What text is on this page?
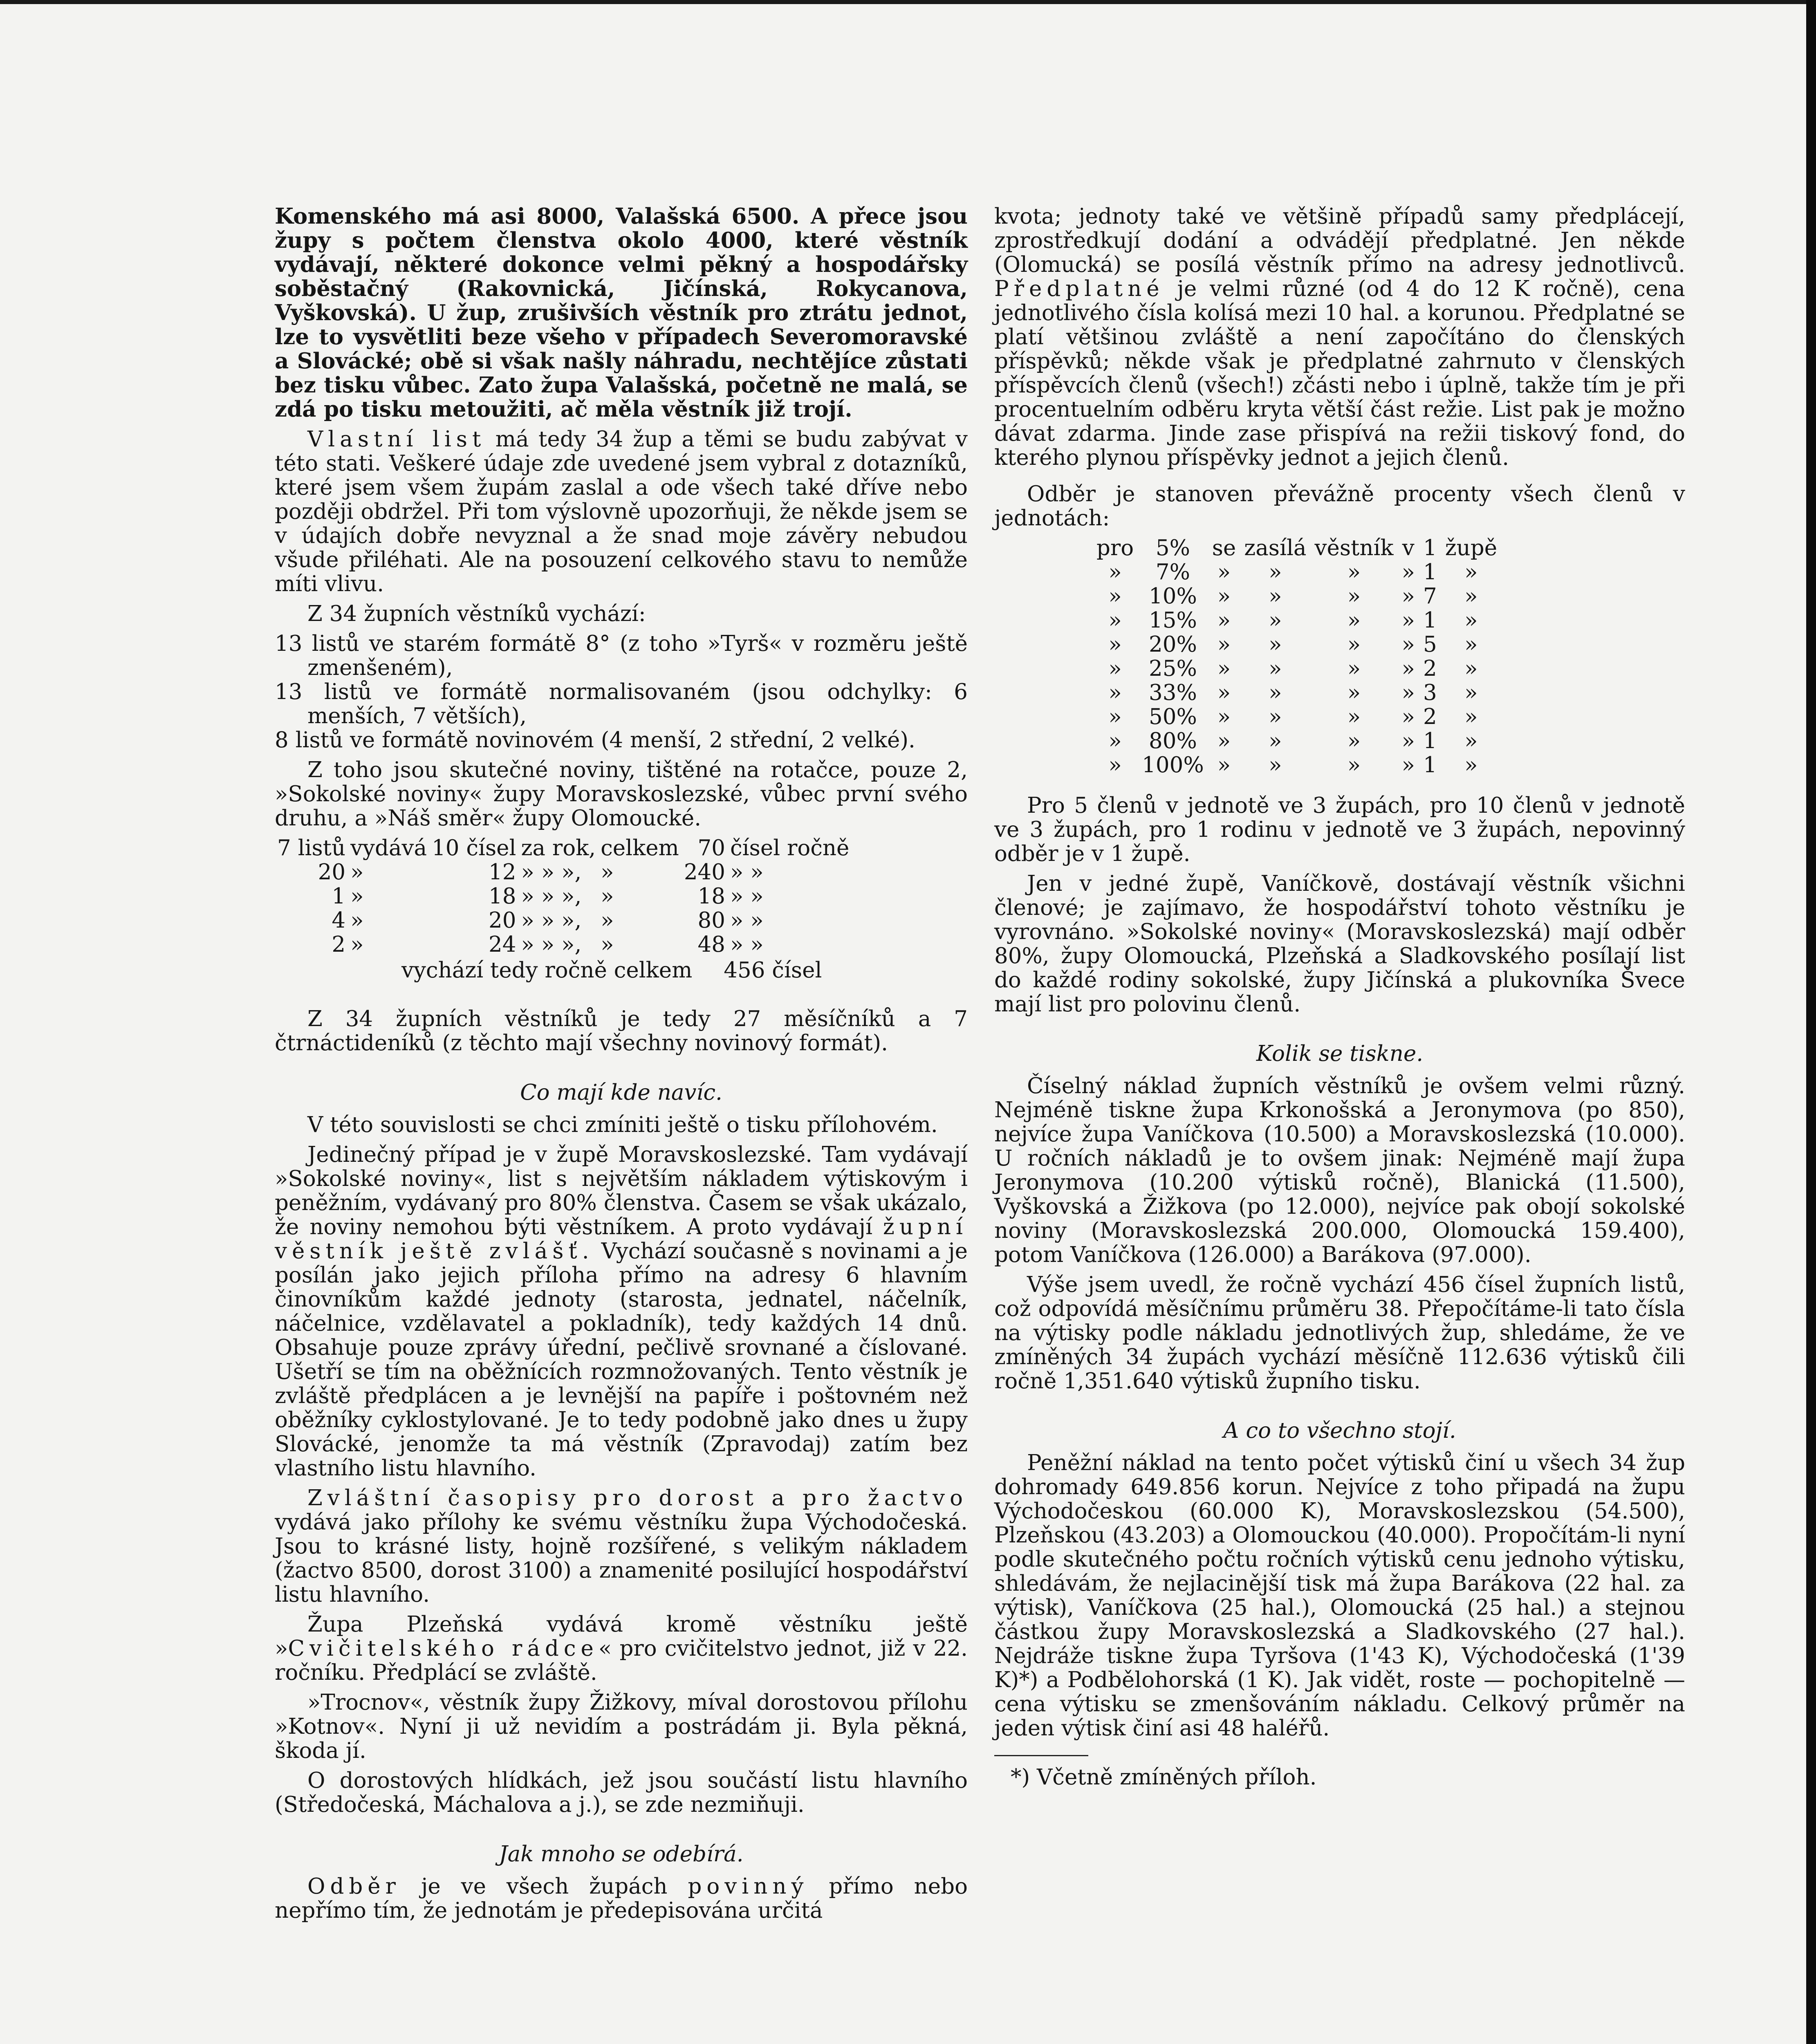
Komenského má asi 8000, Valašská 6500. A přece jsou župy s počtem členstva okolo 4000, které věstník vydávají, některé dokonce velmi pěkný a hospodářsky soběstačný (Rakovnická, Jičínská, Rokycanova, Vyškovská). U žup, zrušivších věstník pro ztrátu jednot, lze to vysvětliti beze všeho v případech Severomoravské a Slovácké; obě si však našly náhradu, nechtějíce zůstati bez tisku vůbec. Zato župa Valašská, početně ne malá, se zdá po tisku metoužiti, ač měla věstník již trojí.

Vlastní list má tedy 34 žup a těmi se budu zabývat v této stati. Veškeré údaje zde uvedené jsem vybral z dotazníků, které jsem všem župám zaslal a ode všech také dříve nebo později obdržel. Při tom výslovně upozorňuji, že někde jsem se v údajích dobře nevyznal a že snad moje závěry nebudou všude přiléhati. Ale na posouzení celkového stavu to nemůže míti vlivu.

Z 34 župních věstníků vychází:

13 listů ve starém formátě 8° (z toho »Tyrš« v rozměru ještě zmenšeném),

13 listů ve formátě normalisovaném (jsou odchylky: 6 menších, 7 větších),

8 listů ve formátě novinovém (4 menší, 2 střední, 2 velké).

Z toho jsou skutečné noviny, tištěné na rotačce, pouze 2, »Sokolské noviny« župy Moravskoslezské, vůbec první svého druhu, a »Náš směr« župy Olomoucké.

7 listů	vydává	10 čísel	za rok,	celkem	70	čísel ročně
20	»	12	» » »,	»	240	» »
1	»	18	» » »,	»	18	» »
4	»	20	» » »,	»	80	» »
2	»	24	» » »,	»	48	» »
vychází tedy ročně celkem 456 čísel

Z 34 župních věstníků je tedy 27 měsíčníků a 7 čtrnáctideníků (z těchto mají všechny novinový formát).

Co mají kde navíc.

V této souvislosti se chci zmíniti ještě o tisku přílohovém.

Jedinečný případ je v župě Moravskoslezské. Tam vydávají »Sokolské noviny«, list s největším nákladem výtiskovým i peněžním, vydávaný pro 80% členstva. Časem se však ukázalo, že noviny nemohou býti věstníkem. A proto vydávají župní věstník ještě zvlášť. Vychází současně s novinami a je posílán jako jejich příloha přímo na adresy 6 hlavním činovníkům každé jednoty (starosta, jednatel, náčelník, náčelnice, vzdělavatel a pokladník), tedy každých 14 dnů. Obsahuje pouze zprávy úřední, pečlivě srovnané a číslované. Ušetří se tím na oběžnících rozmnožovaných. Tento věstník je zvláště předplácen a je levnější na papíře i poštovném než oběžníky cyklostylované. Je to tedy podobně jako dnes u župy Slovácké, jenomže ta má věstník (Zpravodaj) zatím bez vlastního listu hlavního.

Zvláštní časopisy pro dorost a pro žactvo vydává jako přílohy ke svému věstníku župa Východočeská. Jsou to krásné listy, hojně rozšířené, s velikým nákladem (žactvo 8500, dorost 3100) a znamenité posilující hospodářství listu hlavního.

Župa Plzeňská vydává kromě věstníku ještě »Cvičitelského rádce« pro cvičitelstvo jednot, již v 22. ročníku. Předplácí se zvláště.

»Trocnov«, věstník župy Žižkovy, míval dorostovou přílohu »Kotnov«. Nyní ji už nevidím a postrádám ji. Byla pěkná, škoda jí.

O dorostových hlídkách, jež jsou součástí listu hlavního (Středočeská, Máchalova a j.), se zde nezmiňuji.

Jak mnoho se odebírá.

Odběr je ve všech župách povinný přímo nebo nepřímo tím, že jednotám je předepisována určitá

kvota; jednoty také ve většině případů samy předplácejí, zprostředkují dodání a odvádějí předplatné. Jen někde (Olomucká) se posílá věstník přímo na adresy jednotlivců. Předplatné je velmi různé (od 4 do 12 K ročně), cena jednotlivého čísla kolísá mezi 10 hal. a korunou. Předplatné se platí většinou zvláště a není započítáno do členských příspěvků; někde však je předplatné zahrnuto v členských příspěvcích členů (všech!) zčásti nebo i úplně, takže tím je při procentuelním odběru kryta větší část režie. List pak je možno dávat zdarma. Jinde zase přispívá na režii tiskový fond, do kterého plynou příspěvky jednot a jejich členů.

Odběr je stanoven převážně procenty všech členů v jednotách:

pro	5%	se	zasílá	věstník	v	1	župě
»	7%	»	»	»	»	1	»
»	10%	»	»	»	»	7	»
»	15%	»	»	»	»	1	»
»	20%	»	»	»	»	5	»
»	25%	»	»	»	»	2	»
»	33%	»	»	»	»	3	»
»	50%	»	»	»	»	2	»
»	80%	»	»	»	»	1	»
»	100%	»	»	»	»	1	»

Pro 5 členů v jednotě ve 3 župách, pro 10 členů v jednotě ve 3 župách, pro 1 rodinu v jednotě ve 3 župách, nepovinný odběr je v 1 župě.

Jen v jedné župě, Vaníčkově, dostávají věstník všichni členové; je zajímavo, že hospodářství tohoto věstníku je vyrovnáno. »Sokolské noviny« (Moravskoslezská) mají odběr 80%, župy Olomoucká, Plzeňská a Sladkovského posílají list do každé rodiny sokolské, župy Jičínská a plukovníka Švece mají list pro polovinu členů.

Kolik se tiskne.

Číselný náklad župních věstníků je ovšem velmi různý. Nejméně tiskne župa Krkonošská a Jeronymova (po 850), nejvíce župa Vaníčkova (10.500) a Moravskoslezská (10.000). U ročních nákladů je to ovšem jinak: Nejméně mají župa Jeronymova (10.200 výtisků ročně), Blanická (11.500), Vyškovská a Žižkova (po 12.000), nejvíce pak obojí sokolské noviny (Moravskoslezská 200.000, Olomoucká 159.400), potom Vaníčkova (126.000) a Barákova (97.000).

Výše jsem uvedl, že ročně vychází 456 čísel župních listů, což odpovídá měsíčnímu průměru 38. Přepočítáme-li tato čísla na výtisky podle nákladu jednotlivých žup, shledáme, že ve zmíněných 34 župách vychází měsíčně 112.636 výtisků čili ročně 1,351.640 výtisků župního tisku.

A co to všechno stojí.

Peněžní náklad na tento počet výtisků činí u všech 34 žup dohromady 649.856 korun. Nejvíce z toho připadá na župu Východočeskou (60.000 K), Moravskoslezskou (54.500), Plzeňskou (43.203) a Olomouckou (40.000). Propočítám-li nyní podle skutečného počtu ročních výtisků cenu jednoho výtisku, shledávám, že nejlacinější tisk má župa Barákova (22 hal. za výtisk), Vaníčkova (25 hal.), Olomoucká (25 hal.) a stejnou částkou župy Moravskoslezská a Sladkovského (27 hal.). Nejdráže tiskne župa Tyršova (1'43 K), Východočeská (1'39 K)*) a Podbělohorská (1 K). Jak vidět, roste — pochopitelně — cena výtisku se zmenšováním nákladu. Celkový průměr na jeden výtisk činí asi 48 haléřů.

*) Včetně zmíněných příloh.
